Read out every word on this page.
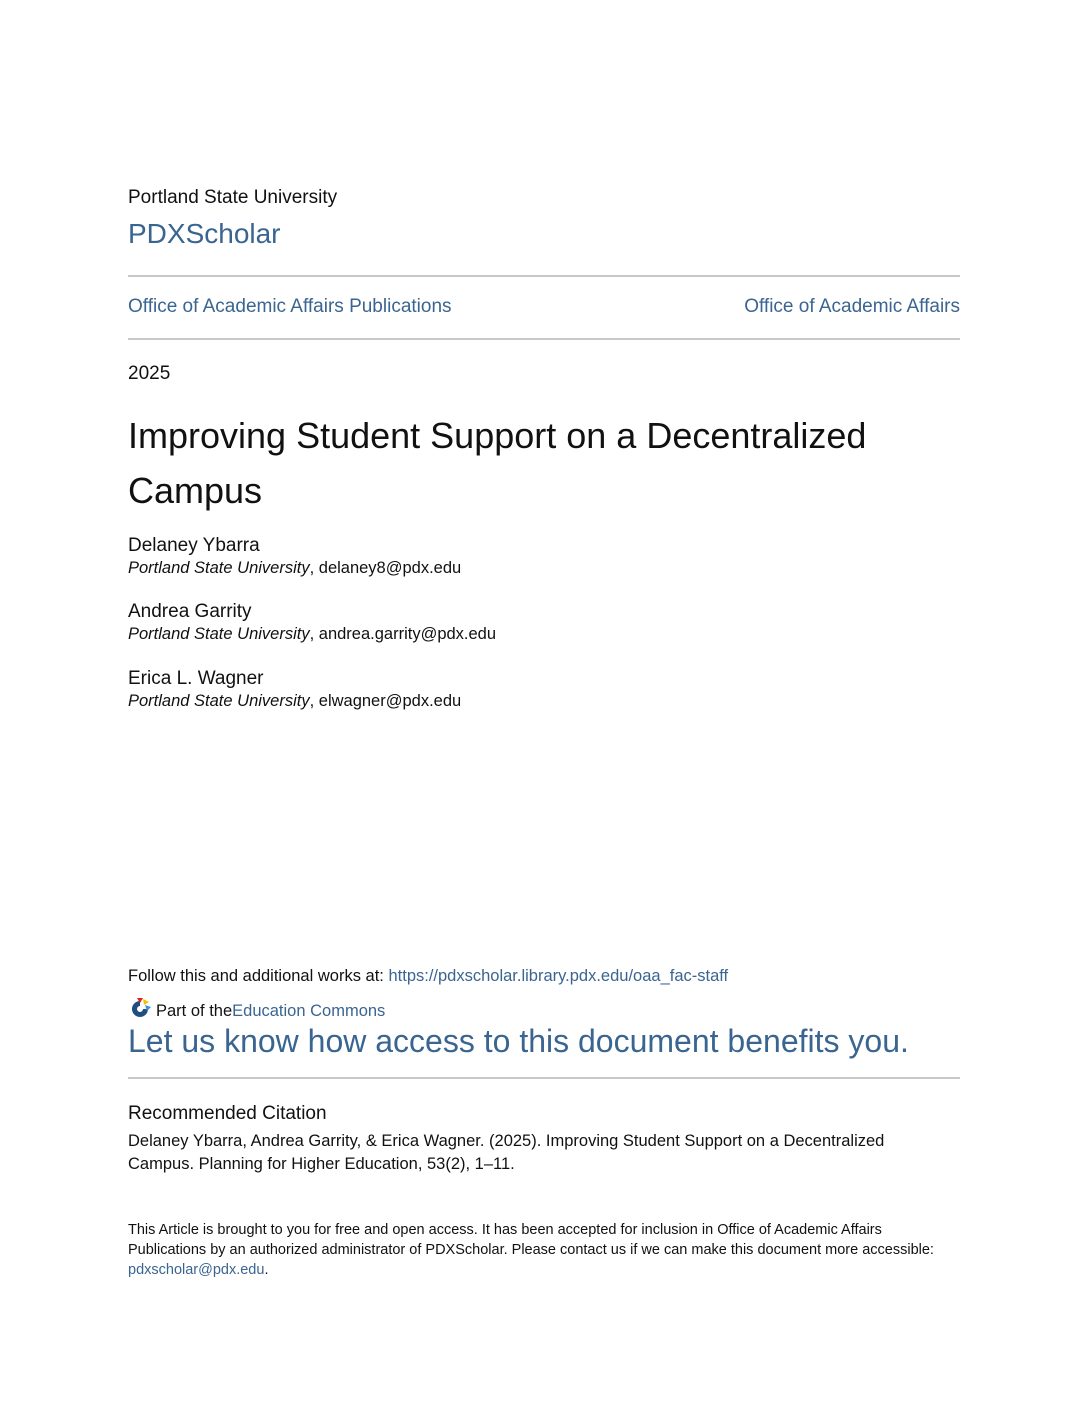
Portland State University
PDXScholar
Office of Academic Affairs Publications	Office of Academic Affairs
2025
Improving Student Support on a Decentralized Campus
Delaney Ybarra
Portland State University, delaney8@pdx.edu
Andrea Garrity
Portland State University, andrea.garrity@pdx.edu
Erica L. Wagner
Portland State University, elwagner@pdx.edu
Follow this and additional works at: https://pdxscholar.library.pdx.edu/oaa_fac-staff
Part of the Education Commons
Let us know how access to this document benefits you.
Recommended Citation
Delaney Ybarra, Andrea Garrity, & Erica Wagner. (2025). Improving Student Support on a Decentralized Campus. Planning for Higher Education, 53(2), 1–11.
This Article is brought to you for free and open access. It has been accepted for inclusion in Office of Academic Affairs Publications by an authorized administrator of PDXScholar. Please contact us if we can make this document more accessible: pdxscholar@pdx.edu.
